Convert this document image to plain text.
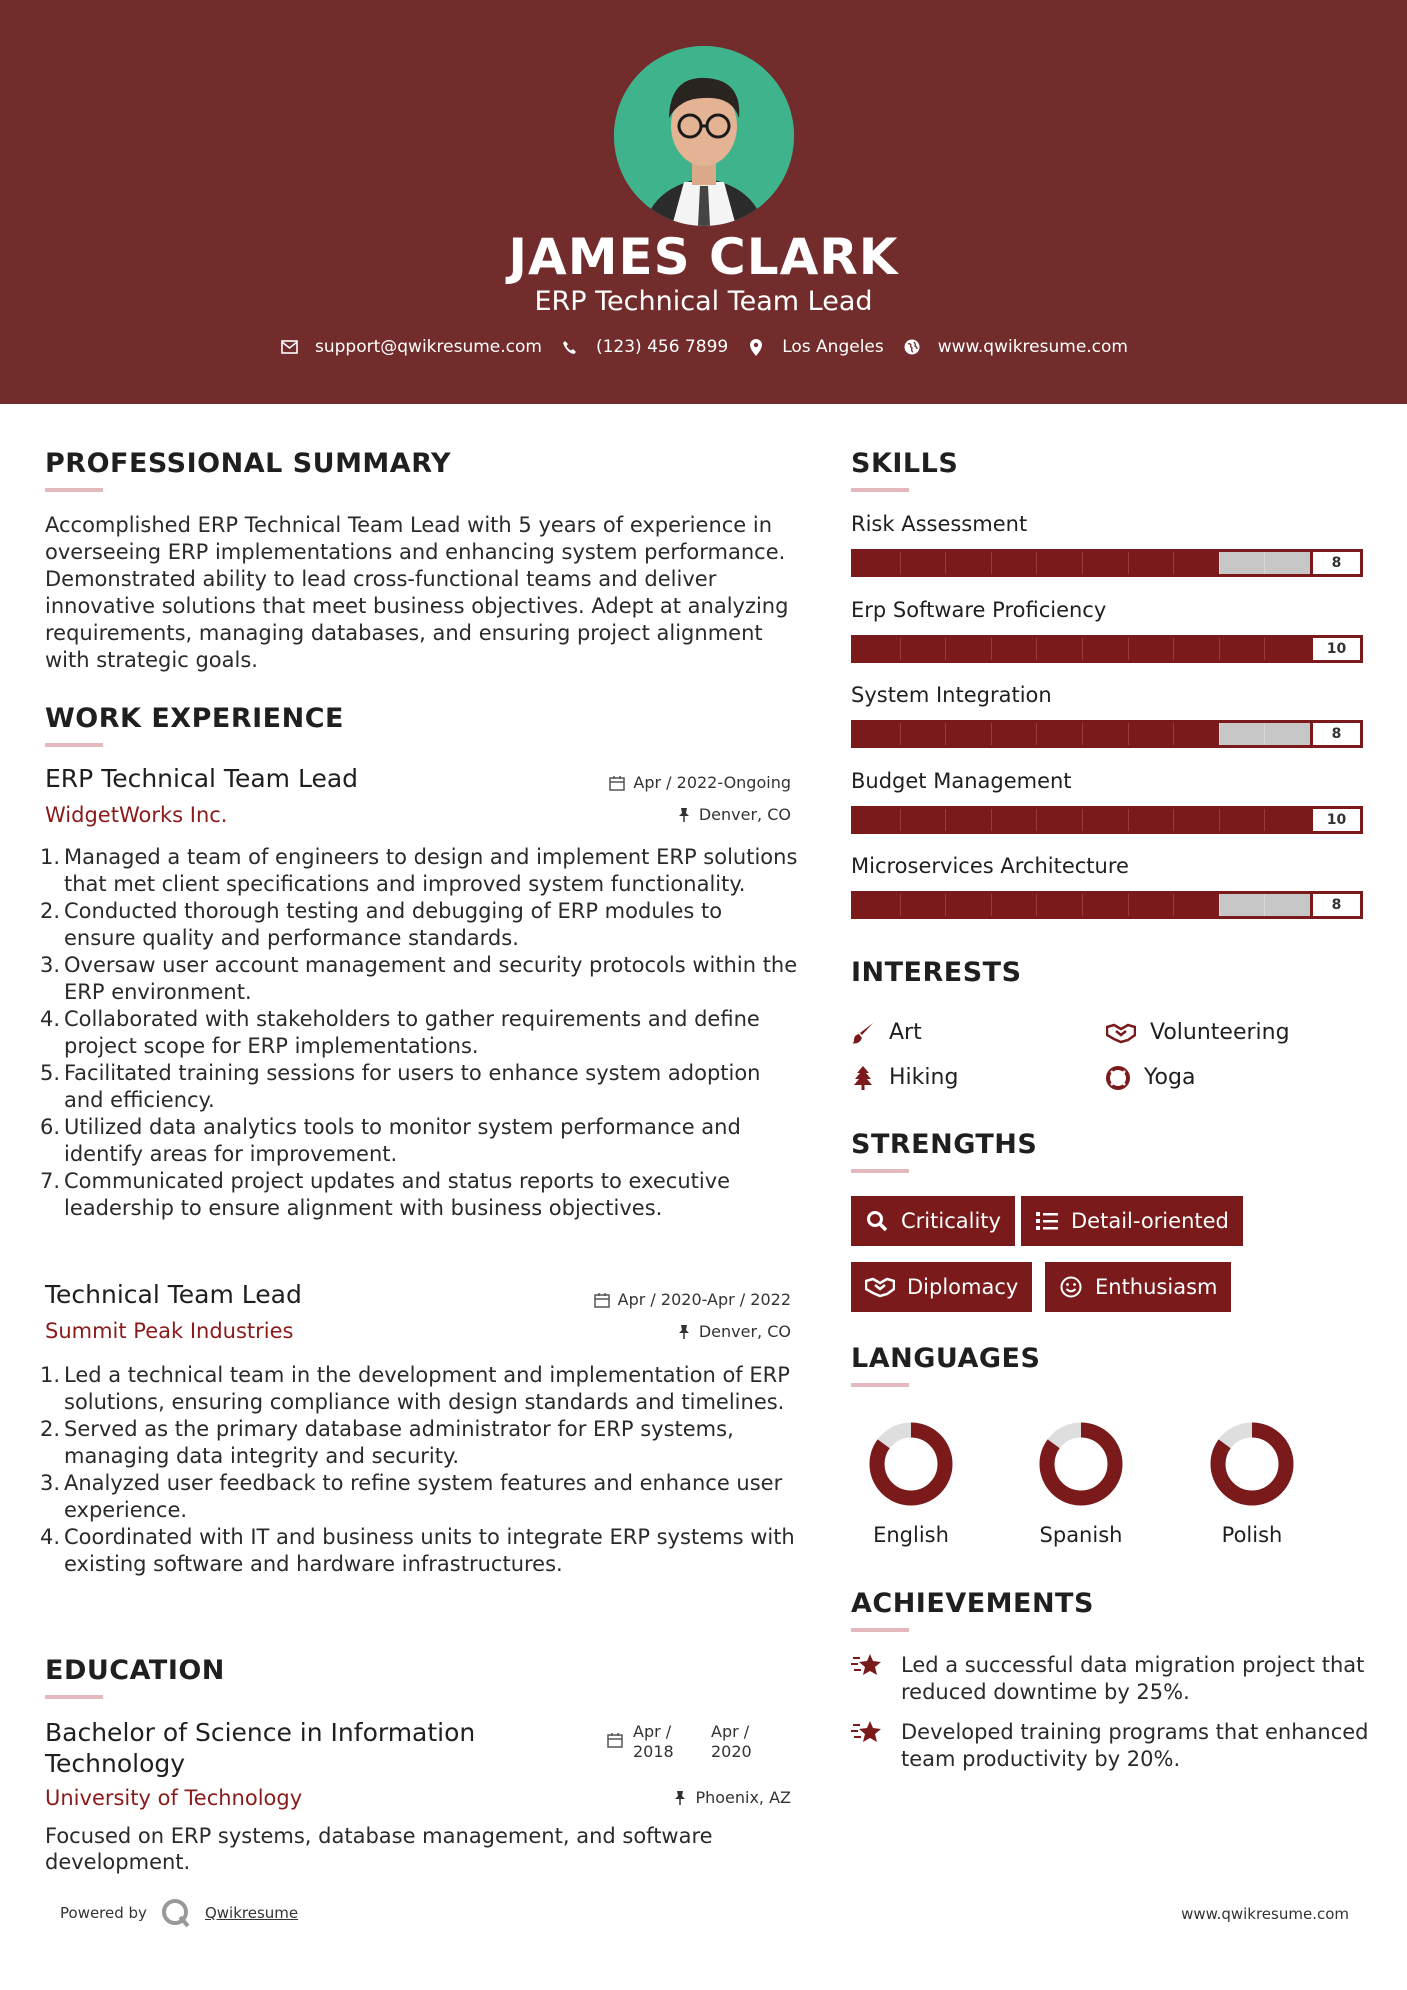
JAMES CLARK
ERP Technical Team Lead
support@qwikresume.com	(123) 456 7899	Los Angeles	www.qwikresume.com
PROFESSIONAL SUMMARY
Accomplished ERP Technical Team Lead with 5 years of experience in overseeing ERP implementations and enhancing system performance. Demonstrated ability to lead cross-functional teams and deliver innovative solutions that meet business objectives. Adept at analyzing requirements, managing databases, and ensuring project alignment with strategic goals.
WORK EXPERIENCE
ERP Technical Team Lead
WidgetWorks Inc.
Apr / 2022-Ongoing
Denver, CO
1. Managed a team of engineers to design and implement ERP solutions that met client specifications and improved system functionality.
2. Conducted thorough testing and debugging of ERP modules to ensure quality and performance standards.
3. Oversaw user account management and security protocols within the ERP environment.
4. Collaborated with stakeholders to gather requirements and define project scope for ERP implementations.
5. Facilitated training sessions for users to enhance system adoption and efficiency.
6. Utilized data analytics tools to monitor system performance and identify areas for improvement.
7. Communicated project updates and status reports to executive leadership to ensure alignment with business objectives.
Technical Team Lead
Summit Peak Industries
Apr / 2020-Apr / 2022
Denver, CO
1. Led a technical team in the development and implementation of ERP solutions, ensuring compliance with design standards and timelines.
2. Served as the primary database administrator for ERP systems, managing data integrity and security.
3. Analyzed user feedback to refine system features and enhance user experience.
4. Coordinated with IT and business units to integrate ERP systems with existing software and hardware infrastructures.
EDUCATION
Bachelor of Science in Information Technology
University of Technology
Apr / 2018
Apr / 2020
Phoenix, AZ
Focused on ERP systems, database management, and software development.
SKILLS
Risk Assessment
8
Erp Software Proficiency
10
System Integration
8
Budget Management
10
Microservices Architecture
8
INTERESTS
Art	Volunteering
Hiking	Yoga
STRENGTHS
Criticality	Detail-oriented
Diplomacy	Enthusiasm
LANGUAGES
English	Spanish	Polish
ACHIEVEMENTS
Led a successful data migration project that reduced downtime by 25%.
Developed training programs that enhanced team productivity by 20%.
Powered by	Qwikresume	www.qwikresume.com
